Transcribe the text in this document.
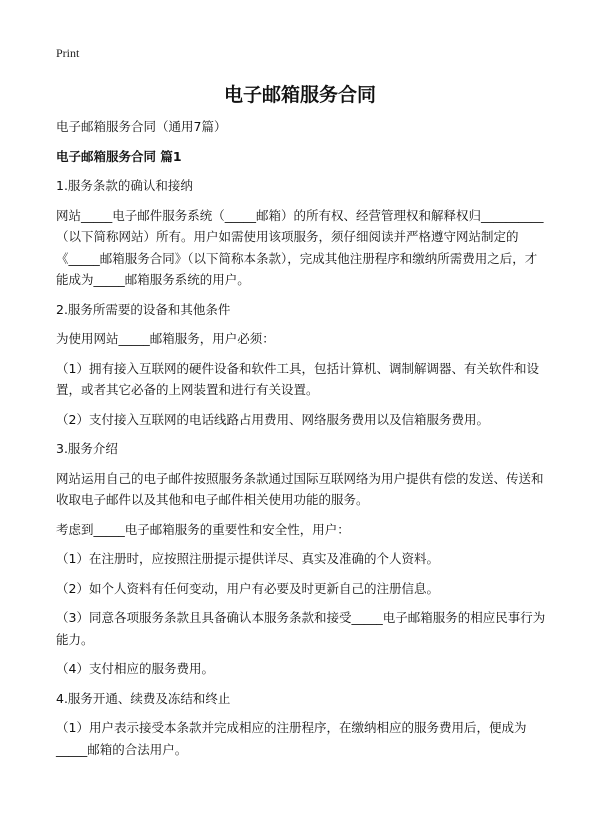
Print
电子邮箱服务合同

电子邮箱服务合同（通用7篇）

电子邮箱服务合同 篇1

1.服务条款的确认和接纳

网站_____电子邮件服务系统（_____邮箱）的所有权、经营管理权和解释权归__________（以下简称网站）所有。用户如需使用该项服务，须仔细阅读并严格遵守网站制定的《_____邮箱服务合同》（以下简称本条款），完成其他注册程序和缴纳所需费用之后，才能成为_____邮箱服务系统的用户。

2.服务所需要的设备和其他条件

为使用网站_____邮箱服务，用户必须：

（1）拥有接入互联网的硬件设备和软件工具，包括计算机、调制解调器、有关软件和设置，或者其它必备的上网装置和进行有关设置。

（2）支付接入互联网的电话线路占用费用、网络服务费用以及信箱服务费用。

3.服务介绍

网站运用自己的电子邮件按照服务条款通过国际互联网络为用户提供有偿的发送、传送和收取电子邮件以及其他和电子邮件相关使用功能的服务。

考虑到_____电子邮箱服务的重要性和安全性，用户：

（1）在注册时，应按照注册提示提供详尽、真实及准确的个人资料。

（2）如个人资料有任何变动，用户有必要及时更新自己的注册信息。

（3）同意各项服务条款且具备确认本服务条款和接受_____电子邮箱服务的相应民事行为能力。

（4）支付相应的服务费用。

4.服务开通、续费及冻结和终止

（1）用户表示接受本条款并完成相应的注册程序，在缴纳相应的服务费用后，便成为_____邮箱的合法用户。
